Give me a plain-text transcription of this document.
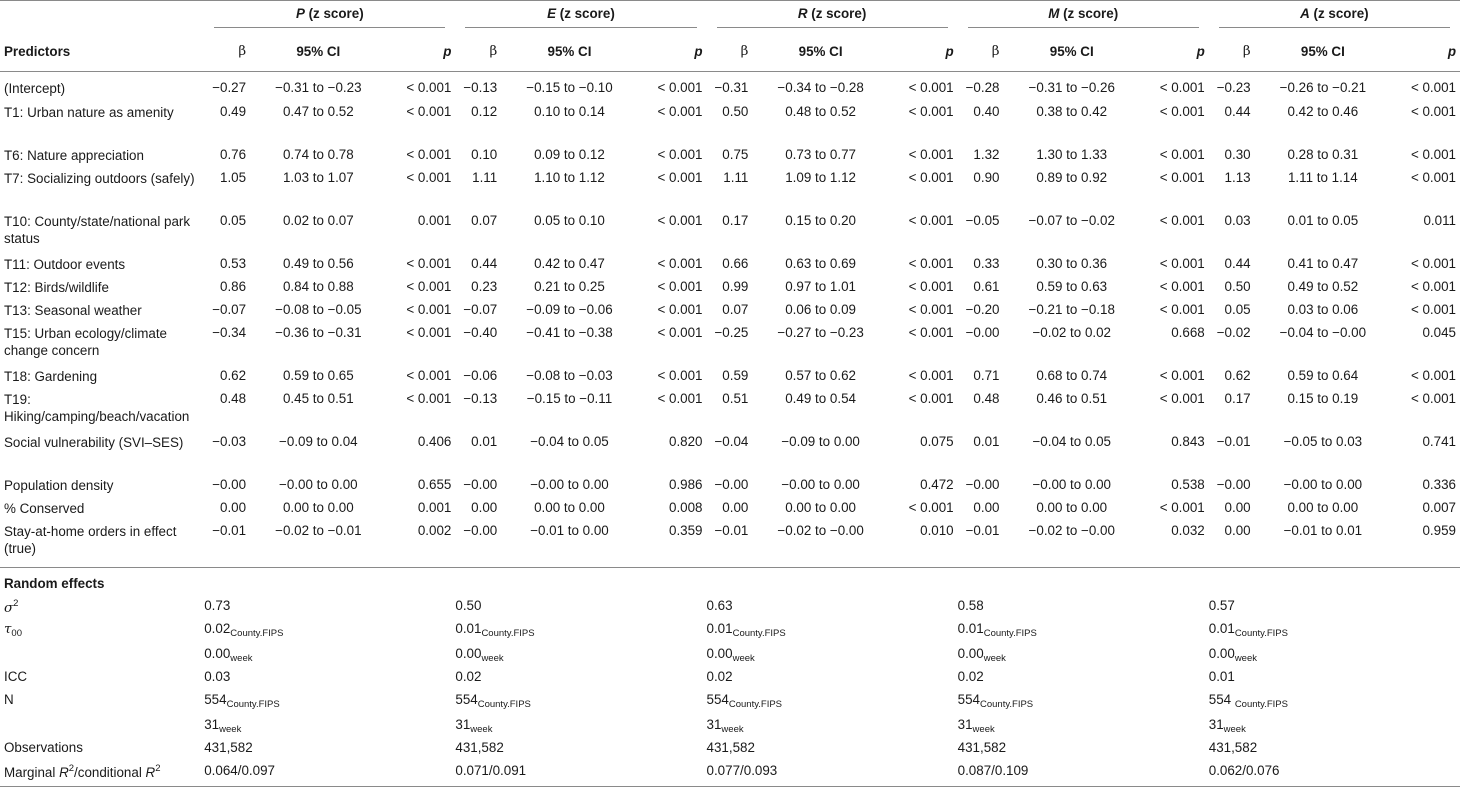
	P (z score)			E (z score)			R (z score)			M (z score)			A (z score)		

Predictors	β	95% CI	p	β	95% CI	p	β	95% CI	p	β	95% CI	p	β	95% CI	p
(Intercept)	−0.27	−0.31 to −0.23	< 0.001	−0.13	−0.15 to −0.10	< 0.001	−0.31	−0.34 to −0.28	< 0.001	−0.28	−0.31 to −0.26	< 0.001	−0.23	−0.26 to −0.21	< 0.001
T1: Urban nature as amenity	0.49	0.47 to 0.52	< 0.001	0.12	0.10 to 0.14	< 0.001	0.50	0.48 to 0.52	< 0.001	0.40	0.38 to 0.42	< 0.001	0.44	0.42 to 0.46	< 0.001
T6: Nature appreciation	0.76	0.74 to 0.78	< 0.001	0.10	0.09 to 0.12	< 0.001	0.75	0.73 to 0.77	< 0.001	1.32	1.30 to 1.33	< 0.001	0.30	0.28 to 0.31	< 0.001
T7: Socializing outdoors (safely)	1.05	1.03 to 1.07	< 0.001	1.11	1.10 to 1.12	< 0.001	1.11	1.09 to 1.12	< 0.001	0.90	0.89 to 0.92	< 0.001	1.13	1.11 to 1.14	< 0.001
T10: County/state/national park status	0.05	0.02 to 0.07	0.001	0.07	0.05 to 0.10	< 0.001	0.17	0.15 to 0.20	< 0.001	−0.05	−0.07 to −0.02	< 0.001	0.03	0.01 to 0.05	0.011
T11: Outdoor events	0.53	0.49 to 0.56	< 0.001	0.44	0.42 to 0.47	< 0.001	0.66	0.63 to 0.69	< 0.001	0.33	0.30 to 0.36	< 0.001	0.44	0.41 to 0.47	< 0.001
T12: Birds/wildlife	0.86	0.84 to 0.88	< 0.001	0.23	0.21 to 0.25	< 0.001	0.99	0.97 to 1.01	< 0.001	0.61	0.59 to 0.63	< 0.001	0.50	0.49 to 0.52	< 0.001
T13: Seasonal weather	−0.07	−0.08 to −0.05	< 0.001	−0.07	−0.09 to −0.06	< 0.001	0.07	0.06 to 0.09	< 0.001	−0.20	−0.21 to −0.18	< 0.001	0.05	0.03 to 0.06	< 0.001
T15: Urban ecology/climate change concern	−0.34	−0.36 to −0.31	< 0.001	−0.40	−0.41 to −0.38	< 0.001	−0.25	−0.27 to −0.23	< 0.001	−0.00	−0.02 to 0.02	0.668	−0.02	−0.04 to −0.00	0.045
T18: Gardening	0.62	0.59 to 0.65	< 0.001	−0.06	−0.08 to −0.03	< 0.001	0.59	0.57 to 0.62	< 0.001	0.71	0.68 to 0.74	< 0.001	0.62	0.59 to 0.64	< 0.001
T19: Hiking/camping/beach/vacation	0.48	0.45 to 0.51	< 0.001	−0.13	−0.15 to −0.11	< 0.001	0.51	0.49 to 0.54	< 0.001	0.48	0.46 to 0.51	< 0.001	0.17	0.15 to 0.19	< 0.001
Social vulnerability (SVI–SES)	−0.03	−0.09 to 0.04	0.406	0.01	−0.04 to 0.05	0.820	−0.04	−0.09 to 0.00	0.075	0.01	−0.04 to 0.05	0.843	−0.01	−0.05 to 0.03	0.741
Population density	−0.00	−0.00 to 0.00	0.655	−0.00	−0.00 to 0.00	0.986	−0.00	−0.00 to 0.00	0.472	−0.00	−0.00 to 0.00	0.538	−0.00	−0.00 to 0.00	0.336
% Conserved	0.00	0.00 to 0.00	0.001	0.00	0.00 to 0.00	0.008	0.00	0.00 to 0.00	< 0.001	0.00	0.00 to 0.00	< 0.001	0.00	0.00 to 0.00	0.007
Stay-at-home orders in effect (true)	−0.01	−0.02 to −0.01	0.002	−0.00	−0.01 to 0.00	0.359	−0.01	−0.02 to −0.00	0.010	−0.01	−0.02 to −0.00	0.032	0.00	−0.01 to 0.01	0.959
Random effects															
$\sigma^2$	0.73			0.50			0.63			0.58			0.57		
$\tau_{00}$	$0.02_{County.FIPS}$			$0.01_{County.FIPS}$			$0.01_{County.FIPS}$			$0.01_{County.FIPS}$			$0.01_{County.FIPS}$
	$0.00_{week}$			$0.00_{week}$			$0.00_{week}$			$0.00_{week}$			$0.00_{week}$
ICC	0.03			0.02			0.02			0.02			0.01		
N	$554_{County.FIPS}$			$554_{County.FIPS}$			$554_{County.FIPS}$			$554_{County.FIPS}$			554 $_{County.FIPS}$
	$31_{week}$			$31_{week}$			$31_{week}$			$31_{week}$			$31_{week}$
Observations	431,582			431,582			431,582			431,582			431,582		
Marginal $R^2$/conditional $R^2$	0.064/0.097			0.071/0.091			0.077/0.093			0.087/0.109			0.062/0.076		
